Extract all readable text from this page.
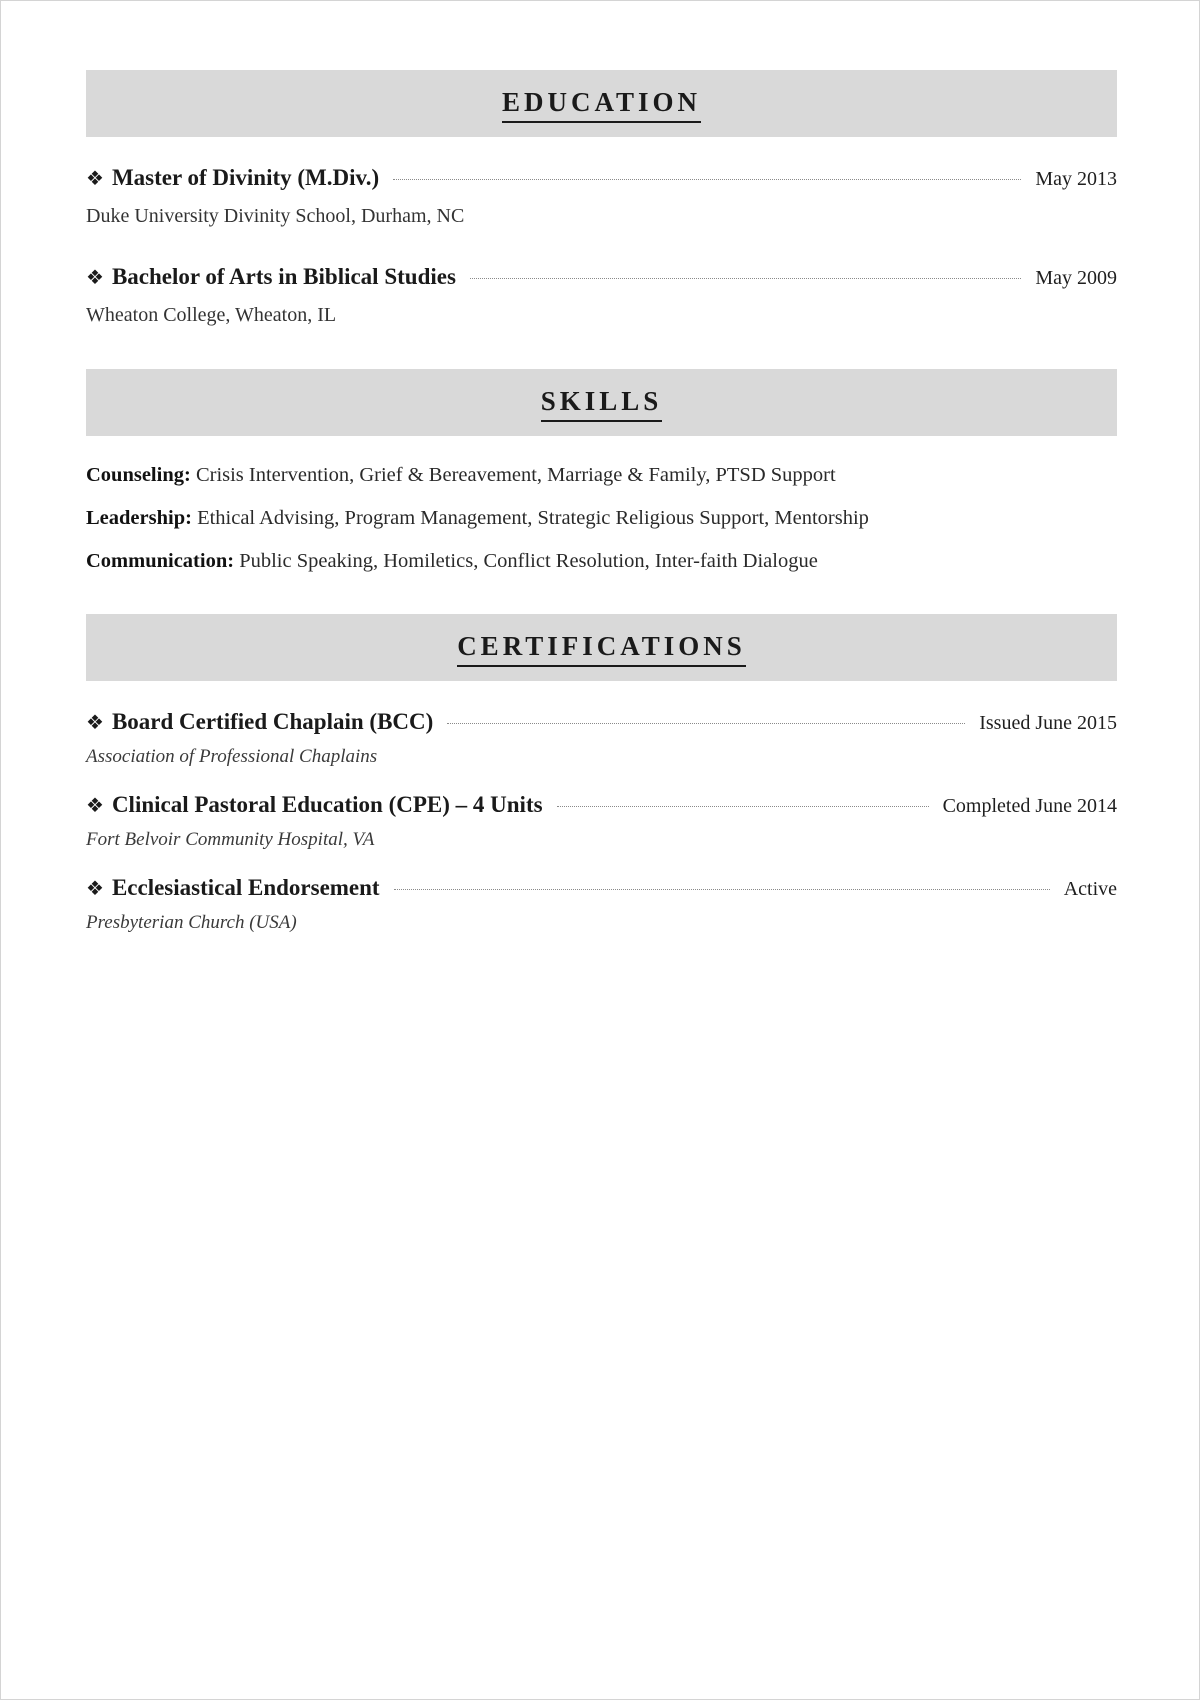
EDUCATION
❖ Master of Divinity (M.Div.)	May 2013
Duke University Divinity School, Durham, NC
❖ Bachelor of Arts in Biblical Studies	May 2009
Wheaton College, Wheaton, IL
SKILLS
Counseling: Crisis Intervention, Grief & Bereavement, Marriage & Family, PTSD Support
Leadership: Ethical Advising, Program Management, Strategic Religious Support, Mentorship
Communication: Public Speaking, Homiletics, Conflict Resolution, Inter-faith Dialogue
CERTIFICATIONS
❖ Board Certified Chaplain (BCC)	Issued June 2015
Association of Professional Chaplains
❖ Clinical Pastoral Education (CPE) – 4 Units	Completed June 2014
Fort Belvoir Community Hospital, VA
❖ Ecclesiastical Endorsement	Active
Presbyterian Church (USA)
